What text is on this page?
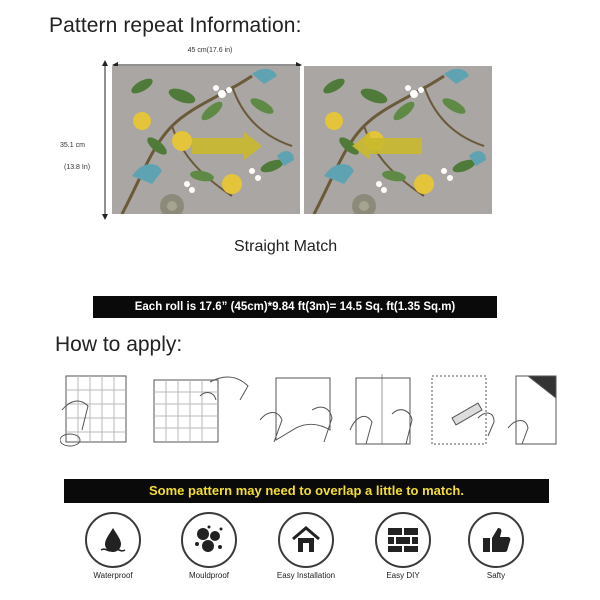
Pattern repeat Information:
45 cm(17.6 in)
35.1 cm
(13.8 In)
Straight Match
Each roll is 17.6” (45cm)*9.84 ft(3m)= 14.5 Sq. ft(1.35 Sq.m)
How to apply:
Some pattern may need to overlap a little to match.
Waterproof	Mouldproof	Easy Installation	Easy DIY	Safty
